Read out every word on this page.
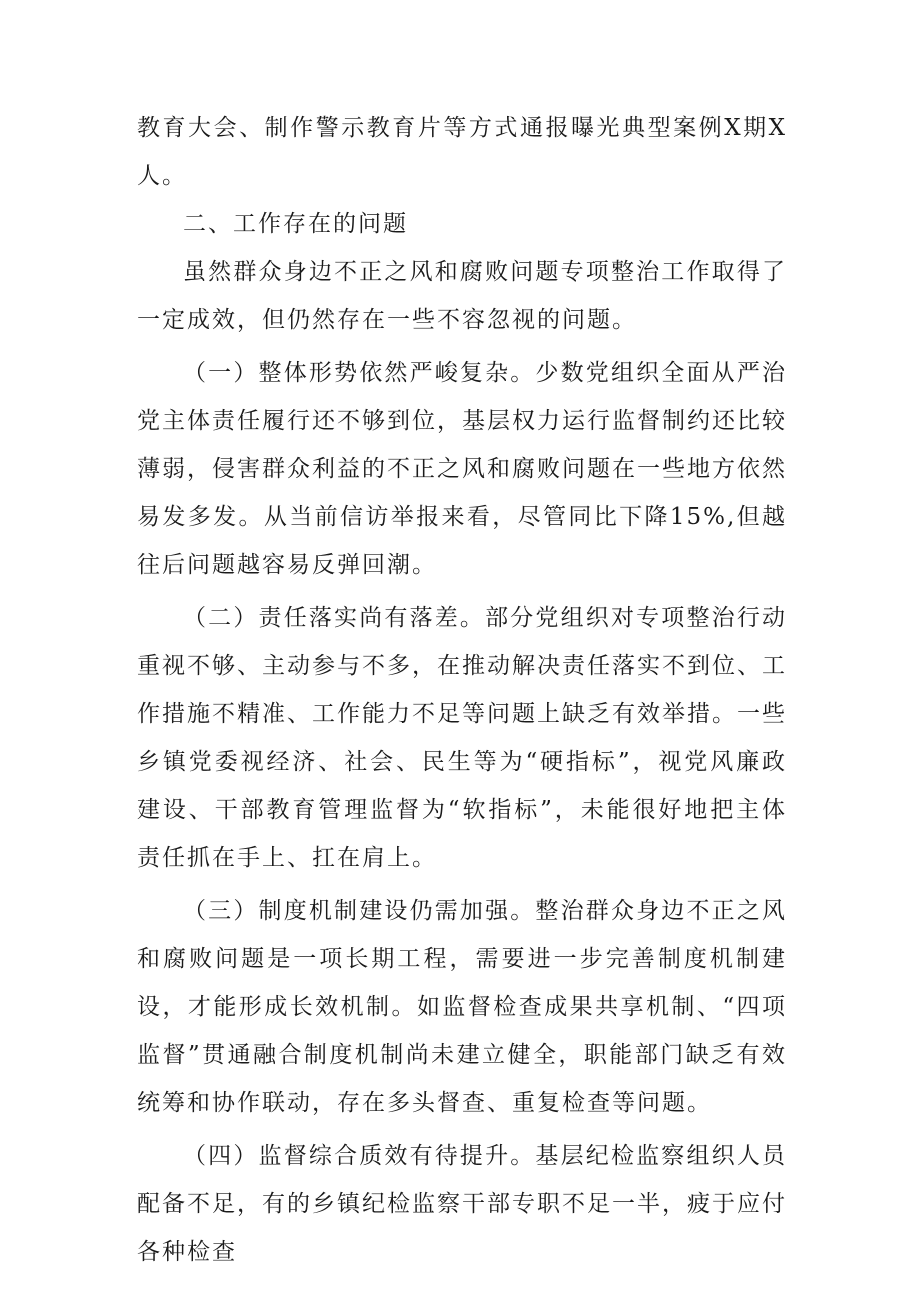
教育大会、制作警示教育片等方式通报曝光典型案例X期X人。

二、工作存在的问题

虽然群众身边不正之风和腐败问题专项整治工作取得了一定成效，但仍然存在一些不容忽视的问题。

（一）整体形势依然严峻复杂。少数党组织全面从严治党主体责任履行还不够到位，基层权力运行监督制约还比较薄弱，侵害群众利益的不正之风和腐败问题在一些地方依然易发多发。从当前信访举报来看，尽管同比下降15%,但越往后问题越容易反弹回潮。

（二）责任落实尚有落差。部分党组织对专项整治行动重视不够、主动参与不多，在推动解决责任落实不到位、工作措施不精准、工作能力不足等问题上缺乏有效举措。一些乡镇党委视经济、社会、民生等为“硬指标”，视党风廉政建设、干部教育管理监督为“软指标”，未能很好地把主体责任抓在手上、扛在肩上。

（三）制度机制建设仍需加强。整治群众身边不正之风和腐败问题是一项长期工程，需要进一步完善制度机制建设，才能形成长效机制。如监督检查成果共享机制、“四项监督”贯通融合制度机制尚未建立健全，职能部门缺乏有效统筹和协作联动，存在多头督查、重复检查等问题。

（四）监督综合质效有待提升。基层纪检监察组织人员配备不足，有的乡镇纪检监察干部专职不足一半，疲于应付各种检查
